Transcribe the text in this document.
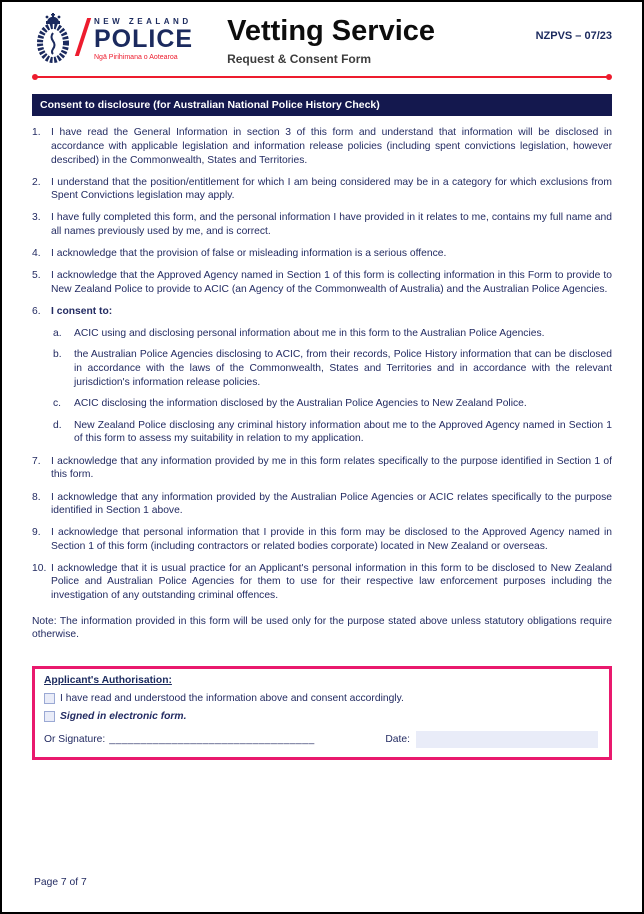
NEW ZEALAND
POLICE
Ngā Pirihimana o Aotearoa
Vetting Service
Request & Consent Form
NZPVS – 07/23
Consent to disclosure (for Australian National Police History Check)
1.	I have read the General Information in section 3 of this form and understand that information will be disclosed in accordance with applicable legislation and information release policies (including spent convictions legislation, however described) in the Commonwealth, States and Territories.
2.	I understand that the position/entitlement for which I am being considered may be in a category for which exclusions from Spent Convictions legislation may apply.
3.	I have fully completed this form, and the personal information I have provided in it relates to me, contains my full name and all names previously used by me, and is correct.
4.	I acknowledge that the provision of false or misleading information is a serious offence.
5.	I acknowledge that the Approved Agency named in Section 1 of this form is collecting information in this Form to provide to New Zealand Police to provide to ACIC (an Agency of the Commonwealth of Australia) and the Australian Police Agencies.
6.	I consent to:
a.	ACIC using and disclosing personal information about me in this form to the Australian Police Agencies.
b.	the Australian Police Agencies disclosing to ACIC, from their records, Police History information that can be disclosed in accordance with the laws of the Commonwealth, States and Territories and in accordance with the relevant jurisdiction's information release policies.
c.	ACIC disclosing the information disclosed by the Australian Police Agencies to New Zealand Police.
d.	New Zealand Police disclosing any criminal history information about me to the Approved Agency named in Section 1 of this form to assess my suitability in relation to my application.
7.	I acknowledge that any information provided by me in this form relates specifically to the purpose identified in Section 1 of this form.
8.	I acknowledge that any information provided by the Australian Police Agencies or ACIC relates specifically to the purpose identified in Section 1 above.
9.	I acknowledge that personal information that I provide in this form may be disclosed to the Approved Agency named in Section 1 of this form (including contractors or related bodies corporate) located in New Zealand or overseas.
10. I acknowledge that it is usual practice for an Applicant's personal information in this form to be disclosed to New Zealand Police and Australian Police Agencies for them to use for their respective law enforcement purposes including the investigation of any outstanding criminal offences.

Note: The information provided in this form will be used only for the purpose stated above unless statutory obligations require otherwise.

Applicant's Authorisation:
I have read and understood the information above and consent accordingly.
Signed in electronic form.
Or Signature: _________________________________	Date:
Page 7 of 7
